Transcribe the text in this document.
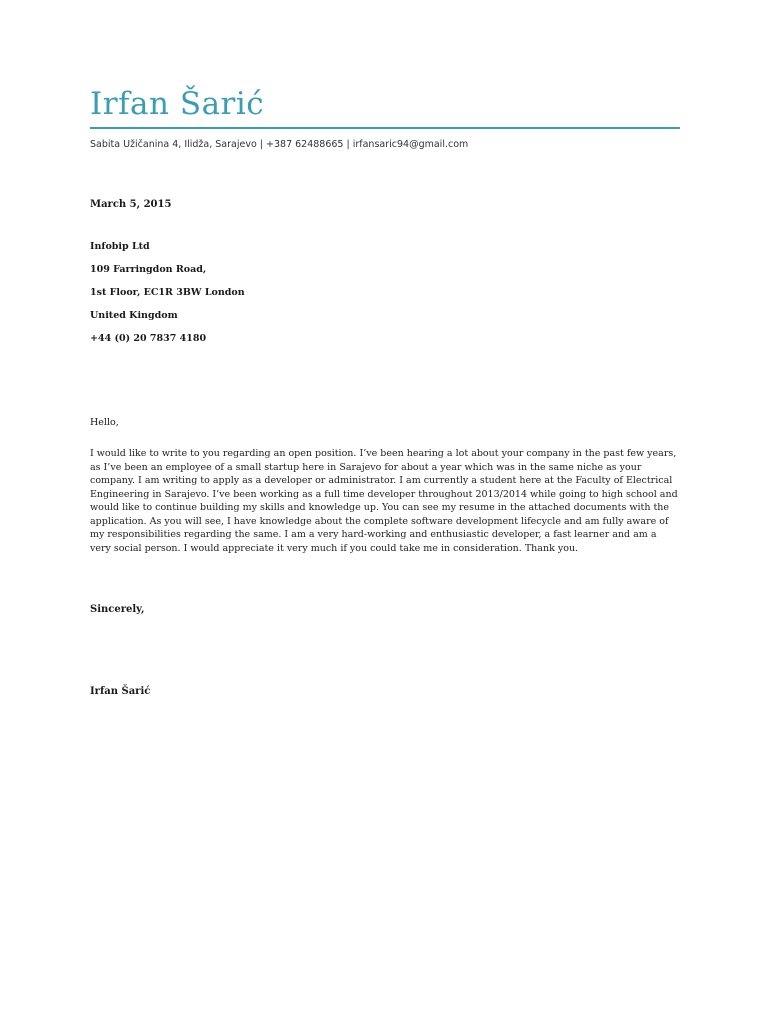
Irfan Šarić
Sabita Užičanina 4, Ilidža, Sarajevo | +387 62488665 | irfansaric94@gmail.com
March 5, 2015
Infobip Ltd
109 Farringdon Road,
1st Floor, EC1R 3BW London
United Kingdom
+44 (0) 20 7837 4180
Hello,

I would like to write to you regarding an open position. I’ve been hearing a lot about your company in the past few years, as I’ve been an employee of a small startup here in Sarajevo for about a year which was in the same niche as your company. I am writing to apply as a developer or administrator. I am currently a student here at the Faculty of Electrical Engineering in Sarajevo. I’ve been working as a full time developer throughout 2013/2014 while going to high school and would like to continue building my skills and knowledge up. You can see my resume in the attached documents with the application. As you will see, I have knowledge about the complete software development lifecycle and am fully aware of my responsibilities regarding the same. I am a very hard-working and enthusiastic developer, a fast learner and am a very social person. I would appreciate it very much if you could take me in consideration. Thank you.

Sincerely,
Irfan Šarić
